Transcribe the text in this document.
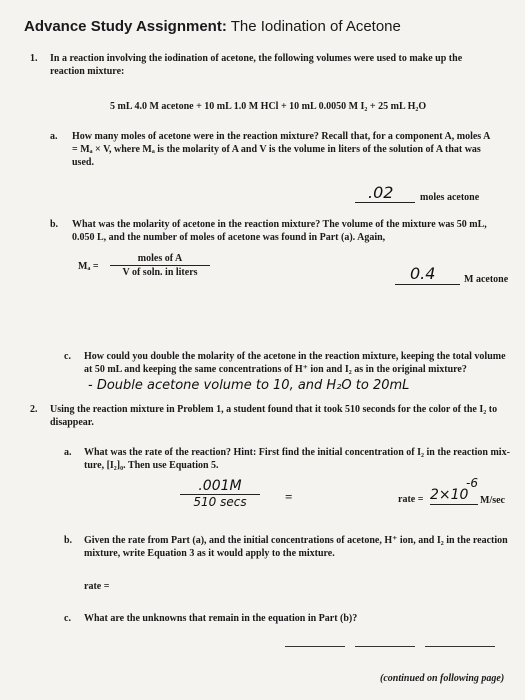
Advance Study Assignment: The Iodination of Acetone
1. In a reaction involving the iodination of acetone, the following volumes were used to make up the reaction mixture:
5 mL 4.0 M acetone + 10 mL 1.0 M HCl + 10 mL 0.0050 M I₂ + 25 mL H₂O
a. How many moles of acetone were in the reaction mixture? Recall that, for a component A, moles A = Mₐ × V, where Mₐ is the molarity of A and V is the volume in liters of the solution of A that was used.
.02	moles acetone
b. What was the molarity of acetone in the reaction mixture? The volume of the mixture was 50 mL,
0.050 L, and the number of moles of acetone was found in Part (a). Again,
Mₐ =
moles of A
V of soln. in liters	0.4	M acetone
c. How could you double the molarity of the acetone in the reaction mixture, keeping the total volume
at 50 mL and keeping the same concentrations of H⁺ ion and I₂ as in the original mixture?
- Double acetone volume to 10, and H₂O to 20mL
2. Using the reaction mixture in Problem 1, a student found that it took 510 seconds for the color of the I₂ to
disappear.
a. What was the rate of the reaction? Hint: First find the initial concentration of I₂ in the reaction mix-
ture, [I₂]₀. Then use Equation 5.
.001M
510 secs	=	rate = 2×10
-6
M/sec
b. Given the rate from Part (a), and the initial concentrations of acetone, H⁺ ion, and I₂ in the reaction
mixture, write Equation 3 as it would apply to the mixture.
rate =
c. What are the unknowns that remain in the equation in Part (b)?
(continued on following page)
